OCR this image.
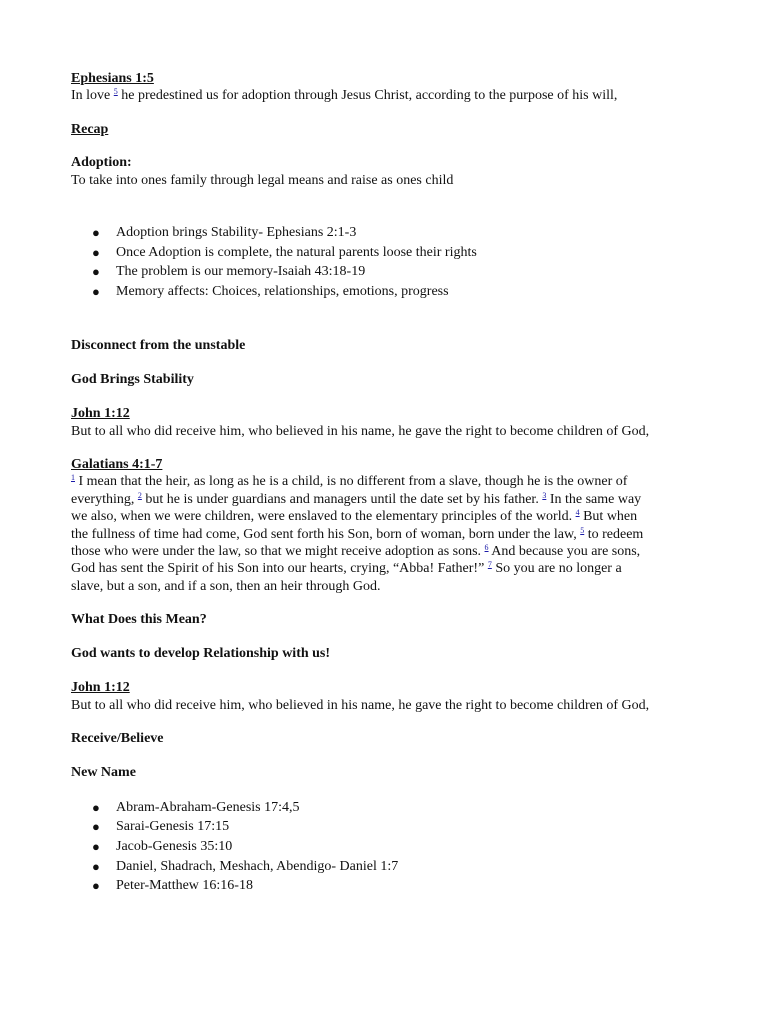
Ephesians 1:5
In love $^5$ he predestined us for adoption through Jesus Christ, according to the purpose of his will,
Recap
Adoption:
To take into ones family through legal means and raise as ones child
● Adoption brings Stability- Ephesians 2:1-3
● Once Adoption is complete, the natural parents loose their rights
● The problem is our memory-Isaiah 43:18-19
● Memory affects: Choices, relationships, emotions, progress
Disconnect from the unstable
God Brings Stability
John 1:12
But to all who did receive him, who believed in his name, he gave the right to become children of God,
Galatians 4:1-7
$^1$ I mean that the heir, as long as he is a child, is no different from a slave, though he is the owner of
everything, $^2$ but he is under guardians and managers until the date set by his father. $^3$ In the same way
we also, when we were children, were enslaved to the elementary principles of the world. $^4$ But when
the fullness of time had come, God sent forth his Son, born of woman, born under the law, $^5$ to redeem
those who were under the law, so that we might receive adoption as sons. $^6$ And because you are sons,
God has sent the Spirit of his Son into our hearts, crying, “Abba! Father!” $^7$ So you are no longer a
slave, but a son, and if a son, then an heir through God.
What Does this Mean?
God wants to develop Relationship with us!
John 1:12
But to all who did receive him, who believed in his name, he gave the right to become children of God,
Receive/Believe
New Name
● Abram-Abraham-Genesis 17:4,5
● Sarai-Genesis 17:15
● Jacob-Genesis 35:10
● Daniel, Shadrach, Meshach, Abendigo- Daniel 1:7
● Peter-Matthew 16:16-18
